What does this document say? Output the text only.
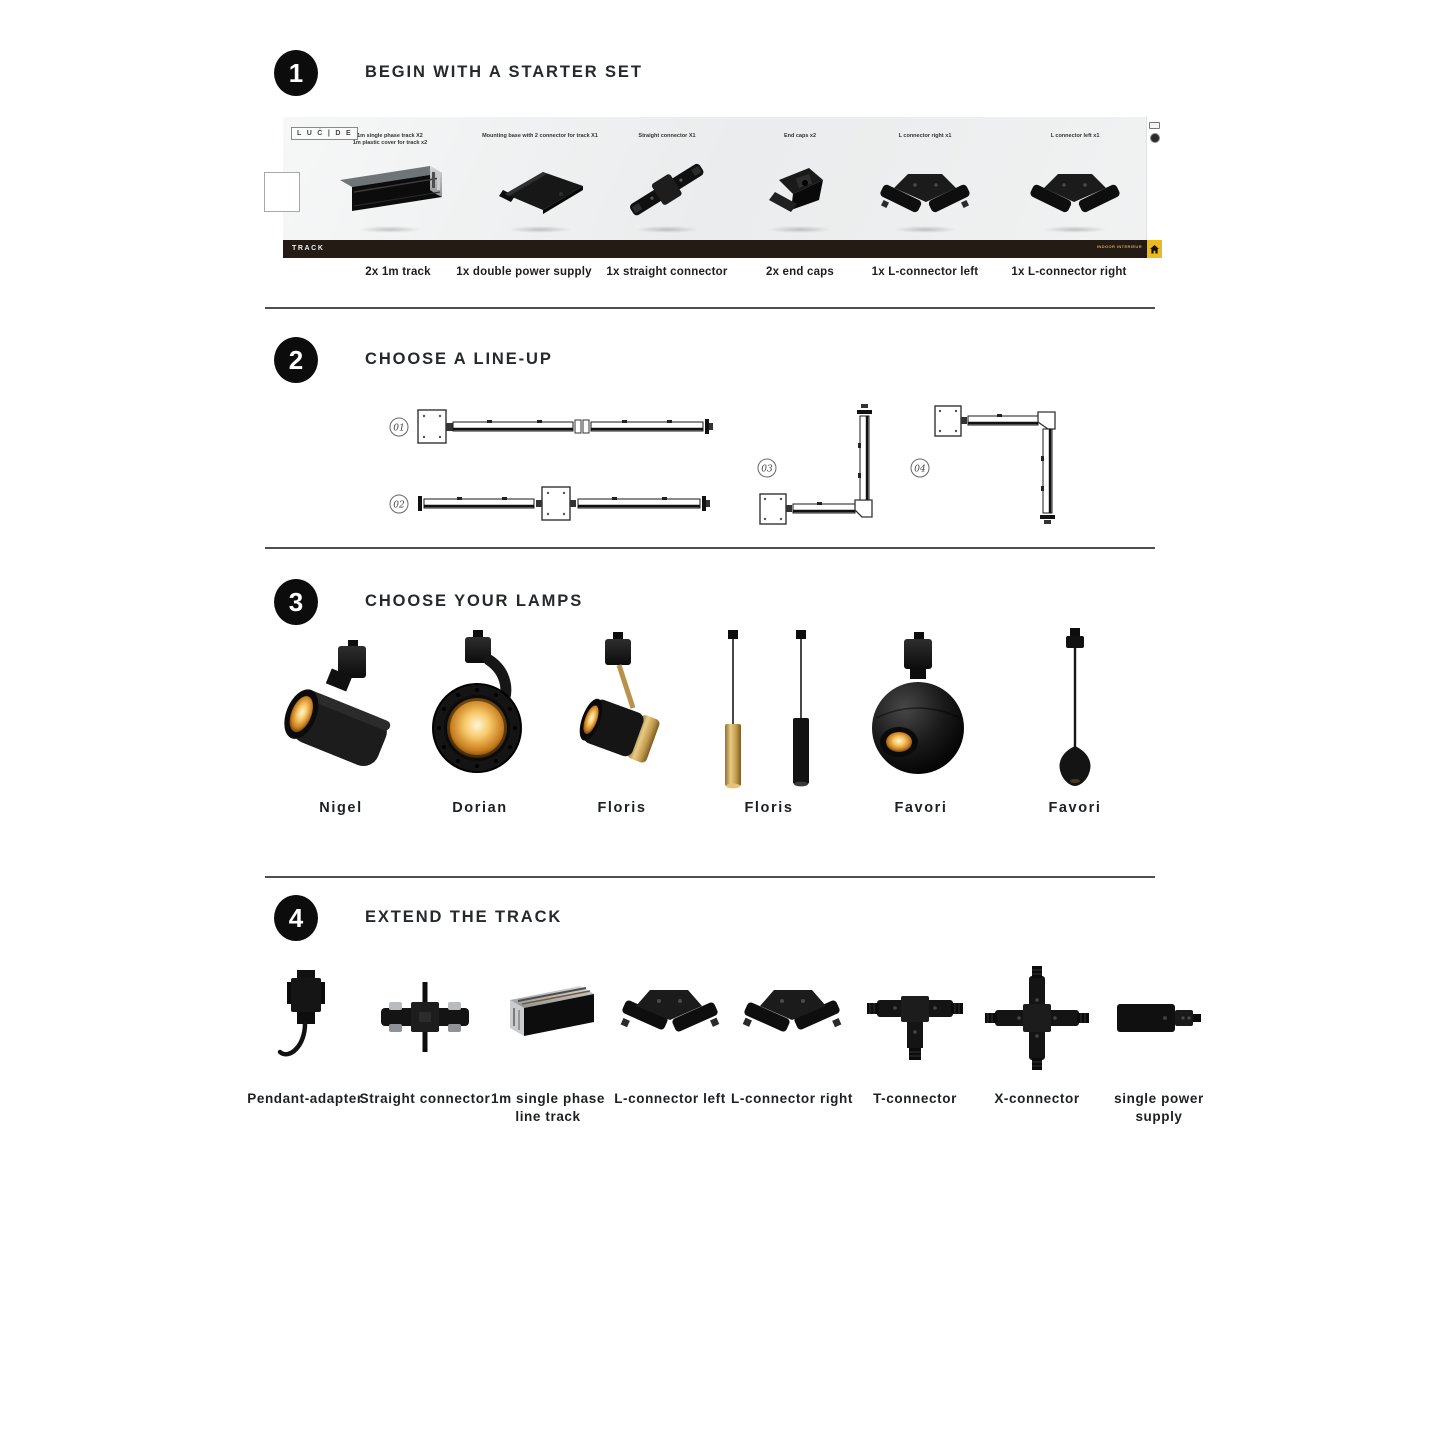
1	BEGIN WITH A STARTER SET
L U Ċ | D E 1m single phase track X2
1m plastic cover for track x2
Mounting base with 2 connector for track X1	Straight connector X1	End caps x2	L connector right x1	L connector left x1
TRACK	INDOOR INTERIEUR
2x 1m track	1x double power supply	1x straight connector	2x end caps	1x L-connector left	1x L-connector right
2	CHOOSE A LINE-UP
01
02
03	04
3	CHOOSE YOUR LAMPS
Nigel	Dorian	Floris	Floris	Favori	Favori
4	EXTEND THE TRACK
Pendant-adapter
Straight connector 1m single phase line track
L-connector left L-connector right	T-connector	X-connector	single power supply
